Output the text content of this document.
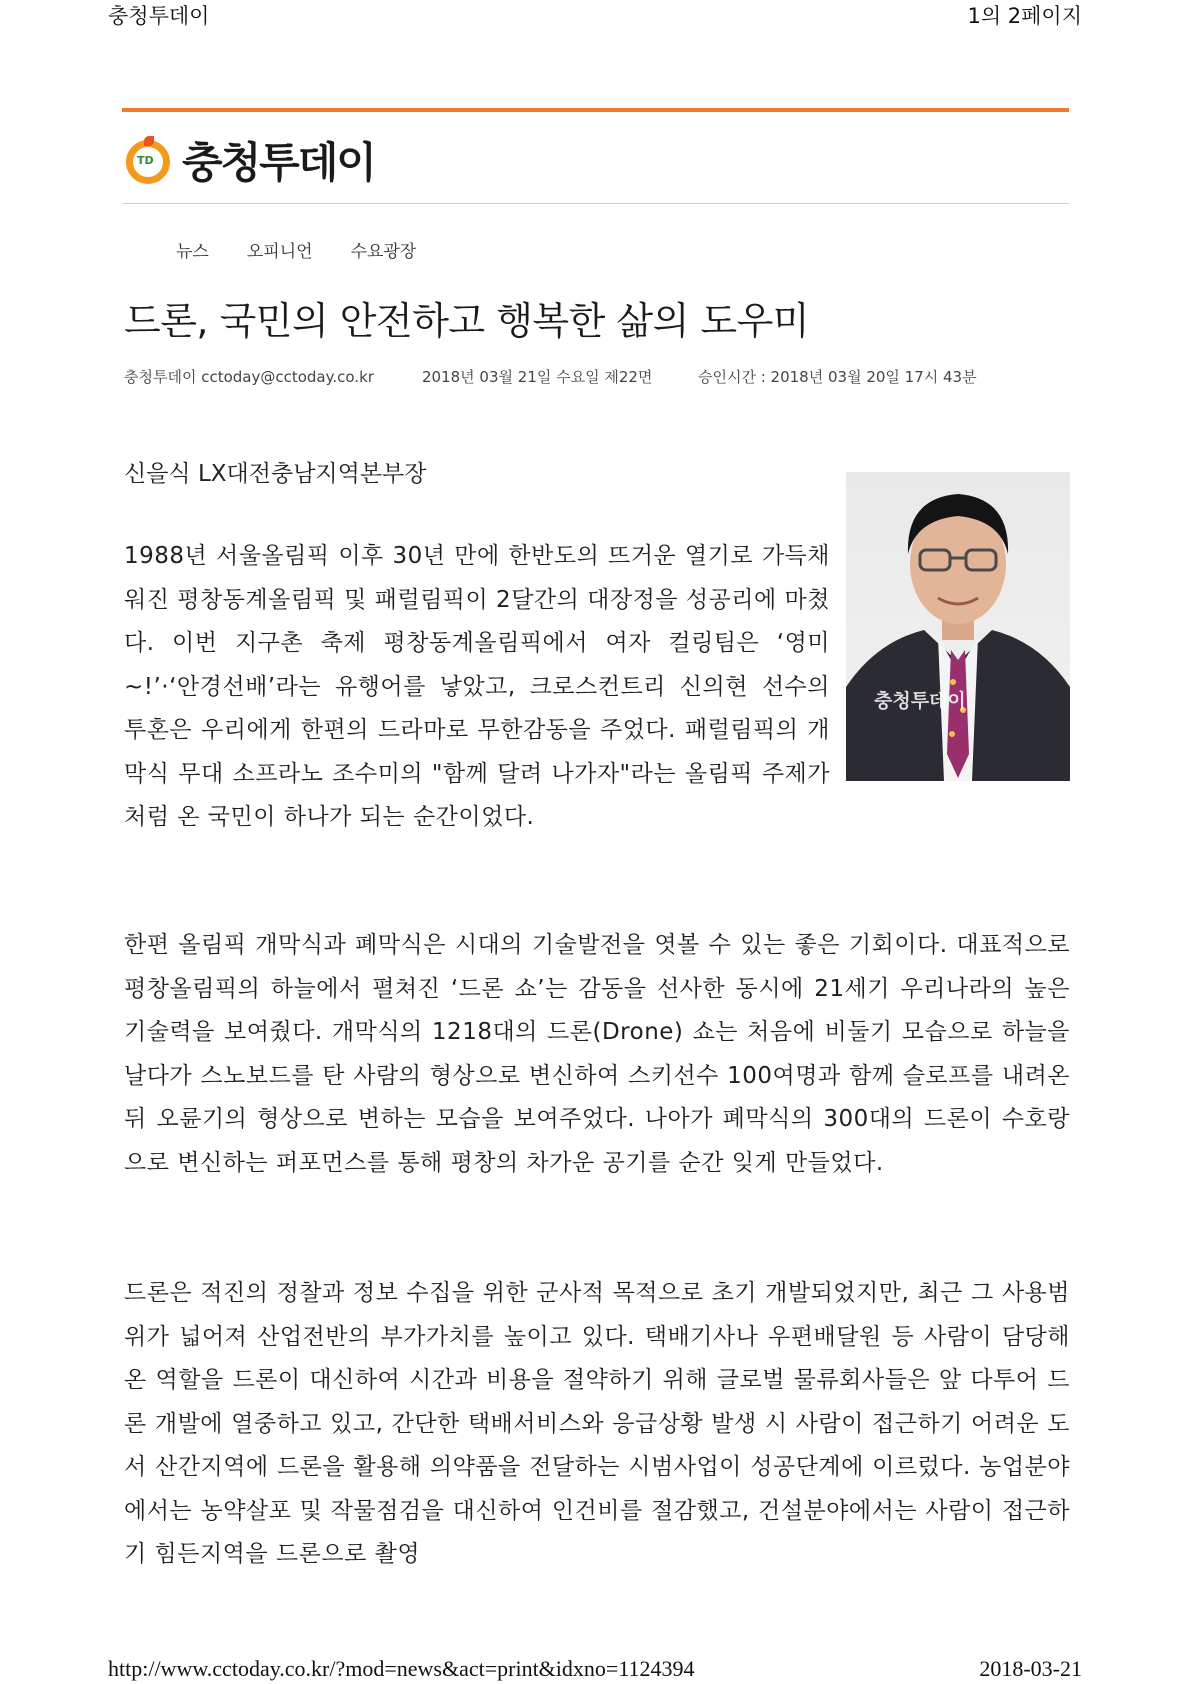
충청투데이	1의 2페이지
TD 충청투데이
뉴스 오피니언 수요광장
드론, 국민의 안전하고 행복한 삶의 도우미
충청투데이 cctoday@cctoday.co.kr	2018년 03월 21일 수요일 제22면	승인시간 : 2018년 03월 20일 17시 43분
신을식 LX대전충남지역본부장
충청투데이

1988년 서울올림픽 이후 30년 만에 한반도의 뜨거운 열기로 가득채워진 평창동계올림픽 및 패럴림픽이 2달간의 대장정을 성공리에 마쳤다. 이번 지구촌 축제 평창동계올림픽에서 여자 컬링팀은 ‘영미~!’·‘안경선배’라는 유행어를 낳았고, 크로스컨트리 신의현 선수의 투혼은 우리에게 한편의 드라마로 무한감동을 주었다. 패럴림픽의 개막식 무대 소프라노 조수미의 "함께 달려 나가자"라는 올림픽 주제가처럼 온 국민이 하나가 되는 순간이었다.

한편 올림픽 개막식과 폐막식은 시대의 기술발전을 엿볼 수 있는 좋은 기회이다. 대표적으로 평창올림픽의 하늘에서 펼쳐진 ‘드론 쇼’는 감동을 선사한 동시에 21세기 우리나라의 높은 기술력을 보여줬다. 개막식의 1218대의 드론(Drone) 쇼는 처음에 비둘기 모습으로 하늘을 날다가 스노보드를 탄 사람의 형상으로 변신하여 스키선수 100여명과 함께 슬로프를 내려온 뒤 오륜기의 형상으로 변하는 모습을 보여주었다. 나아가 폐막식의 300대의 드론이 수호랑으로 변신하는 퍼포먼스를 통해 평창의 차가운 공기를 순간 잊게 만들었다.

드론은 적진의 정찰과 정보 수집을 위한 군사적 목적으로 초기 개발되었지만, 최근 그 사용범위가 넓어져 산업전반의 부가가치를 높이고 있다. 택배기사나 우편배달원 등 사람이 담당해 온 역할을 드론이 대신하여 시간과 비용을 절약하기 위해 글로벌 물류회사들은 앞 다투어 드론 개발에 열중하고 있고, 간단한 택배서비스와 응급상황 발생 시 사람이 접근하기 어려운 도서 산간지역에 드론을 활용해 의약품을 전달하는 시범사업이 성공단계에 이르렀다. 농업분야에서는 농약살포 및 작물점검을 대신하여 인건비를 절감했고, 건설분야에서는 사람이 접근하기 힘든지역을 드론으로 촬영

http://www.cctoday.co.kr/?mod=news&act=print&idxno=1124394	2018-03-21
